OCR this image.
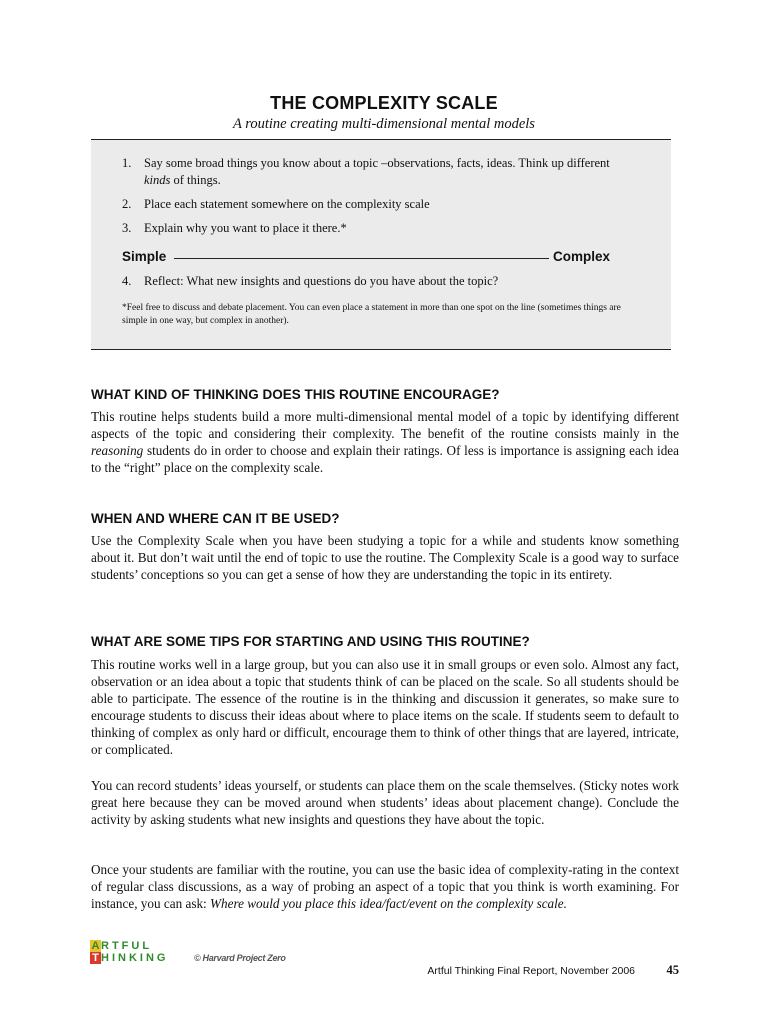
THE COMPLEXITY SCALE
A routine creating multi-dimensional mental models
1.	Say some broad things you know about a topic –observations, facts, ideas. Think up different kinds of things.
2.	Place each statement somewhere on the complexity scale
3.	Explain why you want to place it there.*
Simple	Complex
4.	Reflect: What new insights and questions do you have about the topic?
*Feel free to discuss and debate placement. You can even place a statement in more than one spot on the line (sometimes things are simple in one way, but complex in another).
WHAT KIND OF THINKING DOES THIS ROUTINE ENCOURAGE?
This routine helps students build a more multi-dimensional mental model of a topic by identifying different aspects of the topic and considering their complexity. The benefit of the routine consists mainly in the reasoning students do in order to choose and explain their ratings. Of less is importance is assigning each idea to the “right” place on the complexity scale.
WHEN AND WHERE CAN IT BE USED?
Use the Complexity Scale when you have been studying a topic for a while and students know something about it. But don’t wait until the end of topic to use the routine. The Complexity Scale is a good way to surface students’ conceptions so you can get a sense of how they are understanding the topic in its entirety.
WHAT ARE SOME TIPS FOR STARTING AND USING THIS ROUTINE?
This routine works well in a large group, but you can also use it in small groups or even solo. Almost any fact, observation or an idea about a topic that students think of can be placed on the scale. So all students should be able to participate. The essence of the routine is in the thinking and discussion it generates, so make sure to encourage students to discuss their ideas about where to place items on the scale. If students seem to default to thinking of complex as only hard or difficult, encourage them to think of other things that are layered, intricate, or complicated.
You can record students’ ideas yourself, or students can place them on the scale themselves. (Sticky notes work great here because they can be moved around when students’ ideas about placement change). Conclude the activity by asking students what new insights and questions they have about the topic.
Once your students are familiar with the routine, you can use the basic idea of complexity-rating in the context of regular class discussions, as a way of probing an aspect of a topic that you think is worth examining. For instance, you can ask: Where would you place this idea/fact/event on the complexity scale.
A RTFUL
T HINKING	© Harvard Project Zero
Artful Thinking Final Report, November 2006	45
